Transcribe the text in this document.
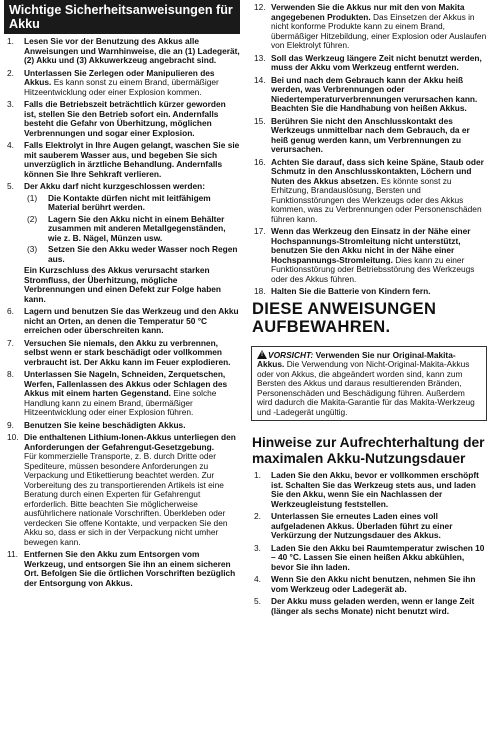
Wichtige Sicherheitsanweisungen für Akku
1.	Lesen Sie vor der Benutzung des Akkus alle Anweisungen und Warnhinweise, die an (1) Ladegerät, (2) Akku und (3) Akkuwerkzeug angebracht sind.
2.	Unterlassen Sie Zerlegen oder Manipulieren des Akkus. Es kann sonst zu einem Brand, übermäßiger Hitzeentwicklung oder einer Explosion kommen.
3.	Falls die Betriebszeit beträchtlich kürzer geworden ist, stellen Sie den Betrieb sofort ein. Andernfalls besteht die Gefahr von Überhitzung, möglichen Verbrennungen und sogar einer Explosion.
4.	Falls Elektrolyt in Ihre Augen gelangt, waschen Sie sie mit sauberem Wasser aus, und begeben Sie sich unverzüglich in ärztliche Behandlung. Andernfalls können Sie Ihre Sehkraft verlieren.
5.	Der Akku darf nicht kurzgeschlossen werden:
(1)	Die Kontakte dürfen nicht mit leitfähigem Material berührt werden.
(2)	Lagern Sie den Akku nicht in einem Behälter zusammen mit anderen Metallgegenständen, wie z. B. Nägel, Münzen usw.
(3)	Setzen Sie den Akku weder Wasser noch Regen aus.
Ein Kurzschluss des Akkus verursacht starken Stromfluss, der Überhitzung, mögliche Verbrennungen und einen Defekt zur Folge haben kann.
6.	Lagern und benutzen Sie das Werkzeug und den Akku nicht an Orten, an denen die Temperatur 50 °C erreichen oder überschreiten kann.
7.	Versuchen Sie niemals, den Akku zu verbrennen, selbst wenn er stark beschädigt oder vollkommen verbraucht ist. Der Akku kann im Feuer explodieren.
8.	Unterlassen Sie Nageln, Schneiden, Zerquetschen, Werfen, Fallenlassen des Akkus oder Schlagen des Akkus mit einem harten Gegenstand. Eine solche Handlung kann zu einem Brand, übermäßiger Hitzeentwicklung oder einer Explosion führen.
9.	Benutzen Sie keine beschädigten Akkus.
10. Die enthaltenen Lithium-Ionen-Akkus unterliegen den Anforderungen der Gefahrengut-Gesetzgebung.
Für kommerzielle Transporte, z. B. durch Dritte oder Spediteure, müssen besondere Anforderungen zu Verpackung und Etikettierung beachtet werden. Zur Vorbereitung des zu transportierenden Artikels ist eine Beratung durch einen Experten für Gefahrengut erforderlich. Bitte beachten Sie möglicherweise ausführlichere nationale Vorschriften. Überkleben oder verdecken Sie offene Kontakte, und verpacken Sie den Akku so, dass er sich in der Verpackung nicht umher bewegen kann.
11. Entfernen Sie den Akku zum Entsorgen vom Werkzeug, und entsorgen Sie ihn an einem sicheren Ort. Befolgen Sie die örtlichen Vorschriften bezüglich der Entsorgung von Akkus.
12. Verwenden Sie die Akkus nur mit den von Makita angegebenen Produkten. Das Einsetzen der Akkus in nicht konforme Produkte kann zu einem Brand, übermäßiger Hitzebildung, einer Explosion oder Auslaufen von Elektrolyt führen.
13. Soll das Werkzeug längere Zeit nicht benutzt werden, muss der Akku vom Werkzeug entfernt werden.
14. Bei und nach dem Gebrauch kann der Akku heiß werden, was Verbrennungen oder Niedertemperaturverbrennungen verursachen kann. Beachten Sie die Handhabung von heißen Akkus.
15. Berühren Sie nicht den Anschlusskontakt des Werkzeugs unmittelbar nach dem Gebrauch, da er heiß genug werden kann, um Verbrennungen zu verursachen.
16. Achten Sie darauf, dass sich keine Späne, Staub oder Schmutz in den Anschlusskontakten, Löchern und Nuten des Akkus absetzen. Es könnte sonst zu Erhitzung, Brandauslösung, Bersten und Funktionsstörungen des Werkzeugs oder des Akkus kommen, was zu Verbrennungen oder Personenschäden führen kann.
17. Wenn das Werkzeug den Einsatz in der Nähe einer Hochspannungs-Stromleitung nicht unterstützt, benutzen Sie den Akku nicht in der Nähe einer Hochspannungs-Stromleitung. Dies kann zu einer Funktionsstörung oder Betriebsstörung des Werkzeugs oder des Akkus führen.
18. Halten Sie die Batterie von Kindern fern.
DIESE ANWEISUNGEN AUFBEWAHREN.
! VORSICHT: Verwenden Sie nur Original-Makita-Akkus. Die Verwendung von Nicht-Original-Makita-Akkus oder von Akkus, die abgeändert worden sind, kann zum Bersten des Akkus und daraus resultierenden Bränden, Personenschäden und Beschädigung führen. Außerdem wird dadurch die Makita-Garantie für das Makita-Werkzeug und -Ladegerät ungültig.
Hinweise zur Aufrechterhaltung der maximalen Akku-Nutzungsdauer
1.	Laden Sie den Akku, bevor er vollkommen erschöpft ist. Schalten Sie das Werkzeug stets aus, und laden Sie den Akku, wenn Sie ein Nachlassen der Werkzeugleistung feststellen.
2.	Unterlassen Sie erneutes Laden eines voll aufgeladenen Akkus. Überladen führt zu einer Verkürzung der Nutzungsdauer des Akkus.
3.	Laden Sie den Akku bei Raumtemperatur zwischen 10 – 40 °C. Lassen Sie einen heißen Akku abkühlen, bevor Sie ihn laden.
4.	Wenn Sie den Akku nicht benutzen, nehmen Sie ihn vom Werkzeug oder Ladegerät ab.
5.	Der Akku muss geladen werden, wenn er lange Zeit (länger als sechs Monate) nicht benutzt wird.
